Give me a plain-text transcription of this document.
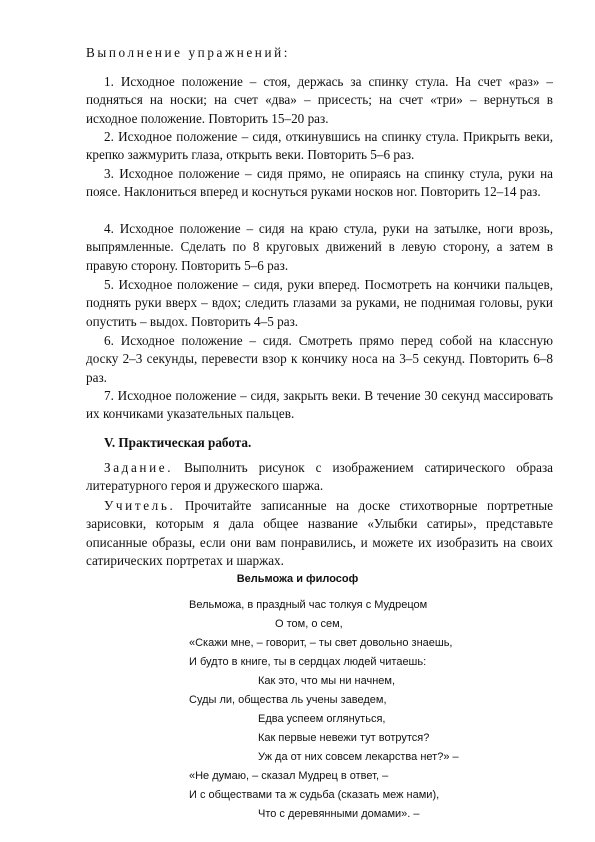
Выполнение упражнений:
1. Исходное положение – стоя, держась за спинку стула. На счет «раз» – подняться на носки; на счет «два» – присесть; на счет «три» – вернуться в исходное положение. Повторить 15–20 раз.
2. Исходное положение – сидя, откинувшись на спинку стула. Прикрыть веки, крепко зажмурить глаза, открыть веки. Повторить 5–6 раз.
3. Исходное положение – сидя прямо, не опираясь на спинку стула, руки на поясе. Наклониться вперед и коснуться руками носков ног. Повторить 12–14 раз.
4. Исходное положение – сидя на краю стула, руки на затылке, ноги врозь, выпрямленные. Сделать по 8 круговых движений в левую сторону, а затем в правую сторону. Повторить 5–6 раз.
5. Исходное положение – сидя, руки вперед. Посмотреть на кончики пальцев, поднять руки вверх – вдох; следить глазами за руками, не поднимая головы, руки опустить – выдох. Повторить 4–5 раз.
6. Исходное положение – сидя. Смотреть прямо перед собой на классную доску 2–3 секунды, перевести взор к кончику носа на 3–5 секунд. Повторить 6–8 раз.
7. Исходное положение – сидя, закрыть веки. В течение 30 секунд массировать их кончиками указательных пальцев.
V. Практическая работа.
Задание. Выполнить рисунок с изображением сатирического образа литературного героя и дружеского шаржа.
Учитель. Прочитайте записанные на доске стихотворные портретные зарисовки, которым я дала общее название «Улыбки сатиры», представьте описанные образы, если они вам понравились, и можете их изобразить на своих сатирических портретах и шаржах.
Вельможа и философ
Вельможа, в праздный час толкуя с Мудрецом
О том, о сем,
«Скажи мне, – говорит, – ты свет довольно знаешь,
И будто в книге, ты в сердцах людей читаешь:
Как это, что мы ни начнем,
Суды ли, общества ль учены заведем,
Едва успеем оглянуться,
Как первые невежи тут вотрутся?
Уж да от них совсем лекарства нет?» –
«Не думаю, – сказал Мудрец в ответ, –
И с обществами та ж судьба (сказать меж нами),
Что с деревянными домами». –
